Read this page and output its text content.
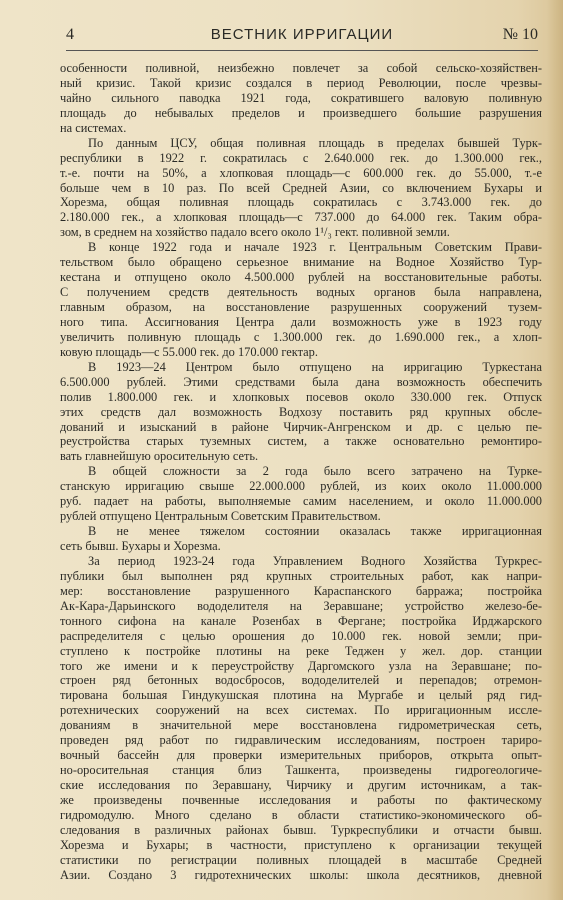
4	ВЕСТНИК ИРРИГАЦИИ	№ 10
особенности поливной, неизбежно повлечет за собой сельско-хозяйствен-
ный кризис. Такой кризис создался в период Революции, после чрезвы-
чайно сильного паводка 1921 года, сократившего валовую поливную
площадь до небывалых пределов и произведшего большие разрушения
на системах.
По данным ЦСУ, общая поливная площадь в пределах бывшей Турк-
республики в 1922 г. сократилась с 2.640.000 гек. до 1.300.000 гек.,
т.-е. почти на 50%, а хлопковая площадь—с 600.000 гек. до 55.000, т.-е
больше чем в 10 раз. По всей Средней Азии, со включением Бухары и
Хорезма, общая поливная площадь сократилась с 3.743.000 гек. до
2.180.000 гек., а хлопковая площадь—с 737.000 до 64.000 гек. Таким обра-
зом, в среднем на хозяйство падало всего около 1¹/₃ гект. поливной земли.
В конце 1922 года и начале 1923 г. Центральным Советским Прави-
тельством было обращено серьезное внимание на Водное Хозяйство Тур-
кестана и отпущено около 4.500.000 рублей на восстановительные работы.
С получением средств деятельность водных органов была направлена,
главным образом, на восстановление разрушенных сооружений тузем-
ного типа. Ассигнования Центра дали возможность уже в 1923 году
увеличить поливную площадь с 1.300.000 гек. до 1.690.000 гек., а хлоп-
ковую площадь—с 55.000 гек. до 170.000 гектар.
В 1923—24 Центром было отпущено на ирригацию Туркестана
6.500.000 рублей. Этими средствами была дана возможность обеспечить
полив 1.800.000 гек. и хлопковых посевов около 330.000 гек. Отпуск
этих средств дал возможность Водхозу поставить ряд крупных обсле-
дований и изысканий в районе Чирчик-Ангренском и др. с целью пе-
реустройства старых туземных систем, а также основательно ремонтиро-
вать главнейшую оросительную сеть.
В общей сложности за 2 года было всего затрачено на Турке-
станскую ирригацию свыше 22.000.000 рублей, из коих около 11.000.000
руб. падает на работы, выполняемые самим населением, и около 11.000.000
рублей отпущено Центральным Советским Правительством.
В не менее тяжелом состоянии оказалась также ирригационная
сеть бывш. Бухары и Хорезма.
За период 1923-24 года Управлением Водного Хозяйства Туркрес-
публики был выполнен ряд крупных строительных работ, как напри-
мер: восстановление разрушенного Караспанского барража; постройка
Ак-Кара-Дарьинского вододелителя на Зеравшане; устройство железо-бе-
тонного сифона на канале Розенбах в Фергане; постройка Ирджарского
распределителя с целью орошения до 10.000 гек. новой земли; при-
ступлено к постройке плотины на реке Теджен у жел. дор. станции
того же имени и к переустройству Даргомского узла на Зеравшане; по-
строен ряд бетонных водосбросов, вододелителей и перепадов; отремон-
тирована большая Гиндукушская плотина на Мургабе и целый ряд гид-
ротехнических сооружений на всех системах. По ирригационным иссле-
дованиям в значительной мере восстановлена гидрометрическая сеть,
проведен ряд работ по гидравлическим исследованиям, построен тариро-
вочный бассейн для проверки измерительных приборов, открыта опыт-
но-оросительная станция близ Ташкента, произведены гидрогеологиче-
ские исследования по Зеравшану, Чирчику и другим источникам, а так-
же произведены почвенные исследования и работы по фактическому
гидромодулю. Много сделано в области статистико-экономического об-
следования в различных районах бывш. Туркреспублики и отчасти бывш.
Хорезма и Бухары; в частности, приступлено к организации текущей
статистики по регистрации поливных площадей в масштабе Средней
Азии. Создано 3 гидротехнических школы: школа десятников, дневной
